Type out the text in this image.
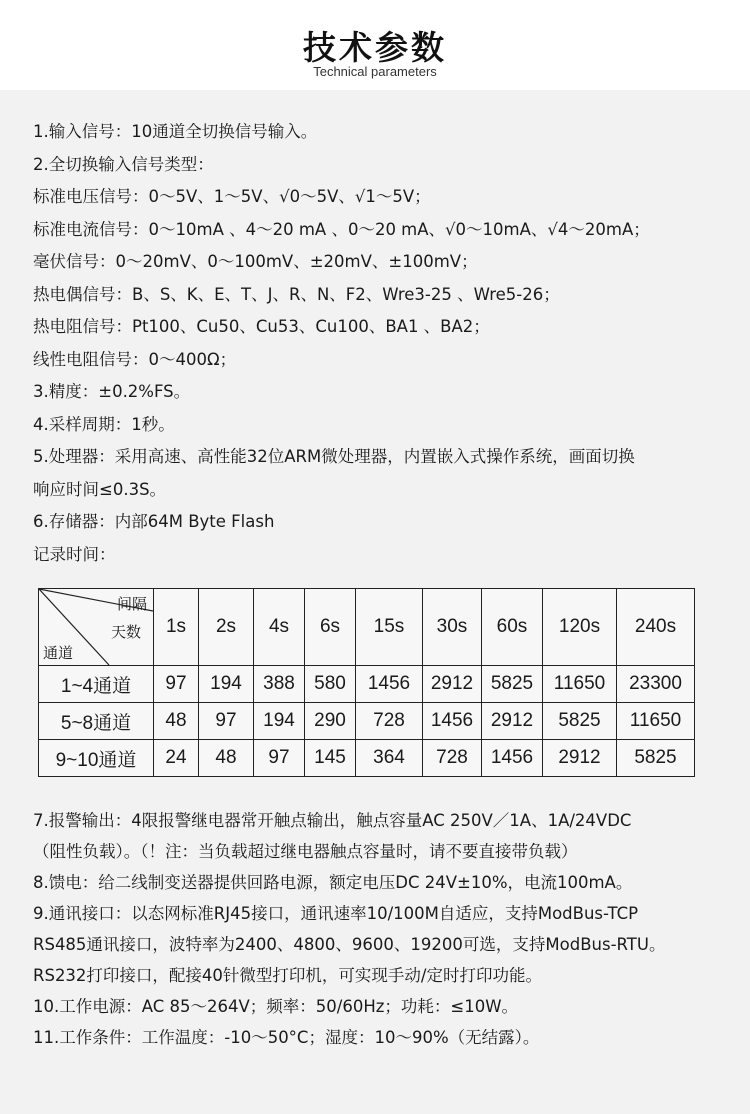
技术参数
Technical parameters
1.输入信号：10通道全切换信号输入。
2.全切换输入信号类型：
标准电压信号：0～5V、1～5V、√0～5V、√1～5V；
标准电流信号：0～10mA 、4～20 mA 、0～20 mA、√0～10mA、√4～20mA；
毫伏信号：0～20mV、0～100mV、±20mV、±100mV；
热电偶信号：B、S、K、E、T、J、R、N、F2、Wre3-25 、Wre5-26；
热电阻信号：Pt100、Cu50、Cu53、Cu100、BA1 、BA2；
线性电阻信号：0～400Ω；
3.精度：±0.2%FS。
4.采样周期：1秒。
5.处理器：采用高速、高性能32位ARM微处理器，内置嵌入式操作系统，画面切换
响应时间≤0.3S。
6.存储器：内部64M Byte Flash
记录时间：
间隔
天数
通道	1s	2s	4s	6s	15s	30s	60s	120s	240s
1~4通道	97	194	388	580	1456	2912	5825	11650	23300
5~8通道	48	97	194	290	728	1456	2912	5825	11650
9~10通道	24	48	97	145	364	728	1456	2912	5825
7.报警输出：4限报警继电器常开触点输出，触点容量AC 250V／1A、1A/24VDC
（阻性负载）。（！注：当负载超过继电器触点容量时，请不要直接带负载）
8.馈电：给二线制变送器提供回路电源，额定电压DC 24V±10%，电流100mA。
9.通讯接口：以态网标准RJ45接口，通讯速率10/100M自适应，支持ModBus-TCP
RS485通讯接口，波特率为2400、4800、9600、19200可选，支持ModBus-RTU。
RS232打印接口，配接40针微型打印机，可实现手动/定时打印功能。
10.工作电源：AC 85～264V；频率：50/60Hz；功耗：≤10W。
11.工作条件：工作温度：-10～50°C；湿度：10～90%（无结露）。
